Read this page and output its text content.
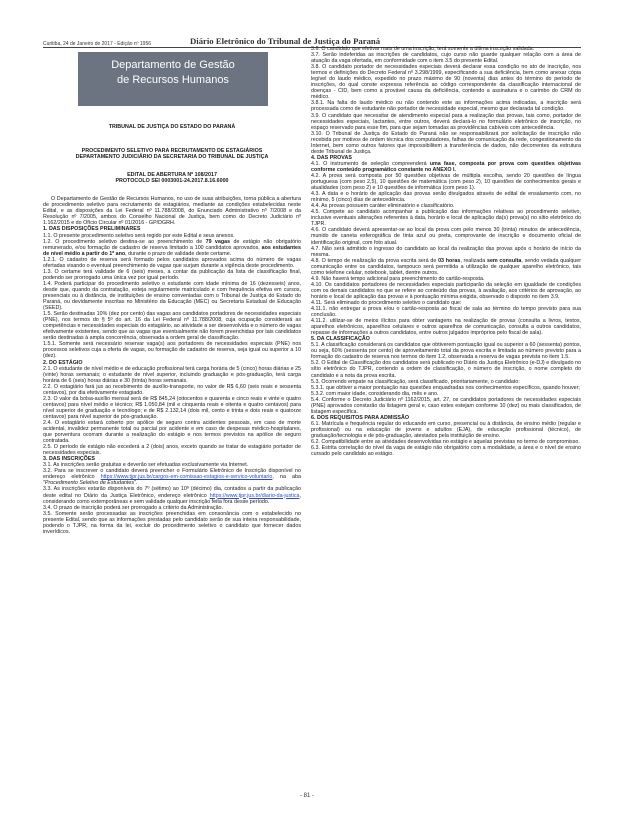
Curitiba, 24 de Janeiro de 2017 - Edição nº 1956	Diário Eletrônico do Tribunal de Justiça do Paraná
Departamento de Gestão
de Recursos Humanos

TRIBUNAL DE JUSTIÇA DO ESTADO DO PARANÁ

PROCEDIMENTO SELETIVO PARA RECRUTAMENTO DE ESTAGIÁRIOS

DEPARTAMENTO JUDICIÁRIO DA SECRETARIA DO TRIBUNAL DE JUSTIÇA

EDITAL DE ABERTURA Nº 108/2017

PROTOCOLO SEI 0003001-24.2017.8.16.6000

O Departamento de Gestão de Recursos Humanos, no uso de suas atribuições, torna pública a abertura de procedimento seletivo para recrutamento de estagiários, mediante as condições estabelecidas neste Edital, e as disposições da Lei Federal nº 11.788/2008, do Enunciado Administrativo nº 7/2008 e da Resolução nº 7/2005, ambos do Conselho Nacional de Justiça, bem como do Decreto Judiciário nº 1.162/2015 e do Ofício Circular nº 01/2016 - GP/DGRH.

1. DAS DISPOSIÇÕES PRELIMINARES

1.1. O presente procedimento seletivo será regido por este Edital e seus anexos.

1.2. O procedimento seletivo destina-se ao preenchimento de 79 vagas de estágio não obrigatório remunerado, e/ou formação de cadastro de reserva limitado a 100 candidatos aprovados, aos estudantes de nível médio a partir do 1º ano, durante o prazo de validade deste certame.

1.2.1. O cadastro de reserva será formado pelos candidatos aprovados acima do número de vagas ofertadas visando o eventual preenchimento de vagas que surjam durante a vigência deste procedimento.

1.3. O certame terá validade de 6 (seis) meses, a contar da publicação da lista de classificação final, podendo ser prorrogado uma única vez por igual período.

1.4. Poderá participar do procedimento seletivo o estudante com idade mínima de 16 (dezesseis) anos, desde que, quando da contratação, esteja regularmente matriculado e com frequência efetiva em cursos, presenciais ou à distância, de instituições de ensino conveniadas com o Tribunal de Justiça do Estado do Paraná, ou devidamente inscritas no Ministério da Educação (MEC) ou Secretaria Estadual de Educação (SEED).

1.5. Serão destinadas 10% (dez por cento) das vagas aos candidatos portadores de necessidades especiais (PNE), nos termos do § 5º do art. 16 da Lei Federal nº 11.788/2008, cuja ocupação considerará as competências e necessidades especiais do estagiário, ao atividade a ser desenvolvida e o número de vagas efetivamente existentes, sendo que as vagas que eventualmente não forem preenchidas por tais candidatos serão destinadas à ampla concorrência, observada a ordem geral de classificação.

1.5.1. Somente será necessário reservar vaga(s) aos portadores de necessidades especiais (PNE) nos processos seletivos cuja a oferta de vagas, ou formação de cadastro de reserva, seja igual ou superior a 10 (dez).

2. DO ESTÁGIO

2.1. O estudante de nível médio e de educação profissional terá carga horária de 5 (cinco) horas diárias e 25 (vinte) horas semanais; o estudante de nível superior, incluindo graduação e pós-graduação, terá carga horária de 6 (seis) horas diárias e 30 (trinta) horas semanais.

2.2. O estagiário fará jus ao recebimento de auxílio-transporte, no valor de R$ 6,60 (seis reais e sessenta centavos), por dia efetivamente estagiado.

2.3. O valor da bolsa-auxílio mensal será de R$ 845,24 (oitocentos e quarenta e cinco reais e vinte e quatro centavos) para nível médio e técnico; R$ 1.050,84 (mil e cinquenta reais e oitenta e quatro centavos) para nível superior de graduação e tecnólogo; e de R$ 2.132,14 (dois mil, cento e trinta e dois reais e quatorze centavos) para nível superior de pós-graduação.

2.4. O estagiário estará coberto por apólice de seguro contra acidentes pessoais, em caso de morte acidental, invalidez permanente total ou parcial por acidente e em caso de despesas médico-hospitalares, que porventura ocorram durante a realização do estágio e nos termos previstos na apólice de seguro contratada.

2.5. O período de estágio não excederá a 2 (dois) anos, exceto quando se tratar de estagiário portador de necessidades especiais.

3. DAS INSCRIÇÕES

3.1. As inscrições serão gratuitas e deverão ser efetuadas exclusivamente via Internet.

3.2. Para se inscrever o candidato deverá preencher o Formulário Eletrônico de Inscrição disponível no endereço eletrônico https://www.tjpr.jus.br/cargos-em-comissao-estagios-e-servico-voluntario, na aba "Procedimento Seletivo de Estudantes".

3.3. As inscrições estarão disponíveis do 7º (sétimo) ao 10º (décimo) dia, contados a partir da publicação deste edital no Diário da Justiça Eletrônico, endereço eletrônico https://www.tjpr.jus.br/diario-da-justica, considerando como extemporâneas e sem validade qualquer inscrição feita fora desse período.

3.4. O prazo de inscrição poderá ser prorrogado a critério da Administração.

3.5. Somente serão processadas as inscrições preenchidas em consonância com o estabelecido no presente Edital, sendo que as informações prestadas pelo candidato serão de sua inteira responsabilidade, podendo o TJPR, na forma da lei, excluir do procedimento seletivo o candidato que fornecer dados inverídicos.

3.6. O candidato que efetivar mais de uma inscrição, terá somente a última inscrição validada.

3.7. Serão indeferidas as inscrições de candidatos, cujo curso não guarde qualquer relação com a área de atuação da vaga ofertada, em conformidade com o item 3.5 do presente Edital.

3.8. O candidato portador de necessidades especiais deverá declarar essa condição no ato de inscrição, nos termos e definições do Decreto Federal nº 3.298/1999, especificando a sua deficiência, bem como anexar cópia legível do laudo médico, expedido no prazo máximo de 90 (noventa) dias antes do término do período de inscrições, do qual conste expressa referência ao código correspondente da classificação internacional de doenças - CID, bem como a provável causa da deficiência, contendo a assinatura e o carimbo do CRM do médico.

3.8.1. Na falta do laudo médico ou não contendo este as informações acima indicadas, a inscrição será processada como de estudante não portador de necessidade especial, mesmo que declarada tal condição.

3.9. O candidato que necessitar de atendimento especial para a realização das provas, tais como, portador de necessidades especiais, lactantes, entre outros, deverá declará-lo no formulário eletrônico de inscrição, no espaço reservado para esse fim, para que sejam tomadas as providências cabíveis com antecedência.

3.10. O Tribunal de Justiça do Estado do Paraná não se responsabilizará por solicitação de inscrição não recebida por motivos de ordem técnica dos computadores, falhas de comunicação da rede, congestionamento da Internet, bem como outros fatores que impossibilitem a transferência de dados, não decorrentes da estrutura deste Tribunal de Justiça.

4. DAS PROVAS

4.1. O instrumento de seleção compreenderá uma fase, composta por prova com questões objetivas conforme conteúdo programático constante no ANEXO I.

4.2. A prova será composta por 50 questões objetivas de múltipla escolha, sendo 20 questões de língua portuguesa (com peso 2,5), 10 questões de matemática (com peso 2), 10 questões de conhecimentos gerais e atualidades (com peso 2) e 10 questões de informática (com peso 1).

4.3. A data e o horário de aplicação das provas serão divulgados através de edital de ensalamento com, no mínimo, 5 (cinco) dias de antecedência.

4.4. As provas possuem caráter eliminatório e classificatório.

4.5. Compete ao candidato acompanhar a publicação das informações relativas ao procedimento seletivo, inclusive eventuais alterações referentes à data, horário e local de aplicação da(s) prova(s) no sítio eletrônico do TJPR.

4.6. O candidato deverá apresentar-se ao local da prova com pelo menos 30 (trinta) minutos de antecedência, munido de caneta esferográfica de tinta azul ou preta, comprovante de inscrição e documento oficial de identificação original, com foto atual.

4.7. Não será admitido o ingresso do candidato ao local da realização das provas após o horário de início da mesma.

4.8. O tempo de realização da prova escrita será de 03 horas, realizada sem consulta, sendo vedada qualquer comunicação entre os candidatos, tampouco será permitida a utilização de qualquer aparelho eletrônico, tais como telefone celular, notebook, tablet, dentre outros.

4.9. Não haverá tempo adicional para preenchimento do cartão-resposta.

4.10. Os candidatos portadores de necessidades especiais participarão da seleção em igualdade de condições com os demais candidatos no que se refere ao conteúdo das provas, à avaliação, aos critérios de aprovação, ao horário e local de aplicação das provas e à pontuação mínima exigida, observado o disposto no item 3.9.

4.11. Será eliminado do procedimento seletivo o candidato que:

4.11.1. não entregar a prova e/ou o cartão-resposta ao fiscal de sala ao término do tempo previsto para sua conclusão.

4.11.2. utilizar-se de meios ilícitos para obter vantagens na realização de provas (consulta a livros, textos, aparelhos eletrônicos, aparelhos celulares e outros aparelhos de comunicação, consulta a outros candidatos, repasse de informações a outros candidatos, entre outros julgados impróprios pelo fiscal de sala).

5. DA CLASSIFICAÇÃO

5.1. A classificação considerará os candidatos que obtiverem pontuação igual ou superior a 60 (sessenta) pontos, ou seja, 60% (sessenta por cento) de aproveitamento total da prova escrita e limitada ao número previsto para a formação do cadastro de reserva nos termos do item 1.2, observada a reserva de vagas prevista no item 1.5.

5.2. O Edital de Classificação dos candidatos será publicado no Diário da Justiça Eletrônico (e-DJ) e divulgado no sítio eletrônico do TJPR, contendo a ordem de classificação, o número de inscrição, o nome completo do candidato e a nota da prova escrita.

5.3. Ocorrendo empate na classificação, será classificado, prioritariamente, o candidato:

5.3.1. que obtiver a maior pontuação nas questões enquadradas nos conhecimentos específicos, quando houver;

5.3.2. com maior idade, considerando dia, mês e ano.

5.4. Conforme o Decreto Judiciário nº 1162/2015, art. 27, os candidatos portadores de necessidades especiais (PNE) aprovados constarão da listagem geral e, caso estes estejam conforme 10 (dez) ou mais classificados, de listagem específica.

6. DOS REQUISITOS PARA ADMISSÃO

6.1. Matrícula e frequência regular do educando em curso, presencial ou à distância, de ensino médio (regular e profissional) ou na educação de jovens e adultos (EJA), de educação profissional (técnico), de graduação/tecnologia e de pós-graduação, atestados pela instituição de ensino.

6.2. Compatibilidade entre as atividades desenvolvidas no estágio e aquelas previstas no termo de compromisso.

6.3. Estrita correlação do nível da vaga de estágio não obrigatório com a modalidade, a área e o nível de ensino cursado pelo candidato ao estágio.

- 81 -
